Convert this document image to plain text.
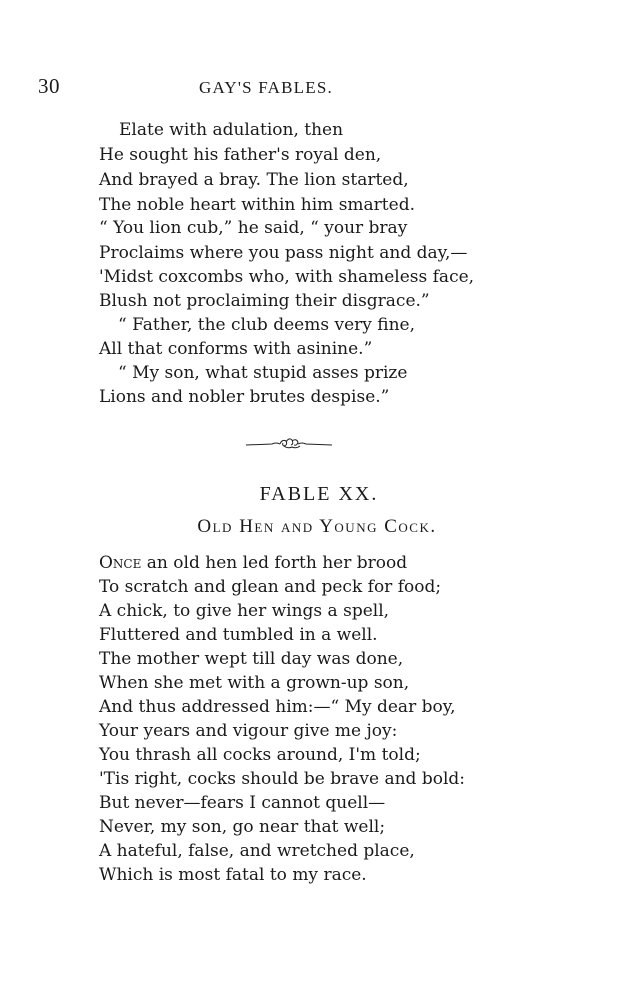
30	GAY'S FABLES.
Elate with adulation, then
He sought his father's royal den,
And brayed a bray. The lion started,
The noble heart within him smarted.
“ You lion cub,” he said, “ your bray
Proclaims where you pass night and day,—
'Midst coxcombs who, with shameless face,
Blush not proclaiming their disgrace.”
“ Father, the club deems very fine,
All that conforms with asinine.”
“ My son, what stupid asses prize
Lions and nobler brutes despise.”
FABLE XX.
Old Hen and Young Cock.
Once an old hen led forth her brood
To scratch and glean and peck for food;
A chick, to give her wings a spell,
Fluttered and tumbled in a well.
The mother wept till day was done,
When she met with a grown-up son,
And thus addressed him:—“ My dear boy,
Your years and vigour give me joy:
You thrash all cocks around, I'm told;
'Tis right, cocks should be brave and bold:
But never—fears I cannot quell—
Never, my son, go near that well;
A hateful, false, and wretched place,
Which is most fatal to my race.
